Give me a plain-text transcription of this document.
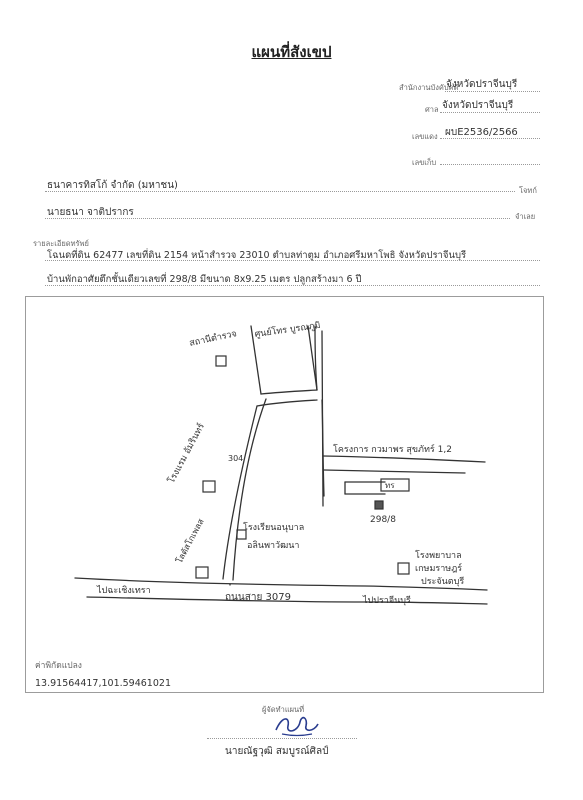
แผนที่สังเขป
สำนักงานบังคับคดี
จังหวัดปราจีนบุรี
ศาล จังหวัดปราจีนบุรี
เลขแดง ผบE2536/2566
เลขเก็บ
ธนาคารทิสโก้ จำกัด (มหาชน)	โจทก์
นายธนา จาติปรากร	จำเลย
รายละเอียดทรัพย์
โฉนดที่ดิน 62477 เลขที่ดิน 2154 หน้าสำรวจ 23010 ตำบลท่าตูม อำเภอศรีมหาโพธิ จังหวัดปราจีนบุรี
บ้านพักอาศัยตึกชั้นเดียวเลขที่ 298/8 มีขนาด 8x9.25 เมตร ปลูกสร้างมา 6 ปี
สถานีตำรวจ ศูนย์โทร บูรณภูมิ
โรงแรม อัมรินทร์	304
โรงเรียนอนุบาล
อลินพาวัฒนา
โลตัสโกเพลส
โครงการ กวมาพร สุขภัทร์ 1,2
ทร
298/8
โรงพยาบาล
เกษมราษฎร์
ประจันตบุรี
ถนนสาย 3079
ไปฉะเชิงเทรา
ไปปราจีนบุรี
ค่าพิกัดแปลง
13.91564417,101.59461021
ผู้จัดทำแผนที่
นายณัฐวุฒิ สมบูรณ์ศิลป์
